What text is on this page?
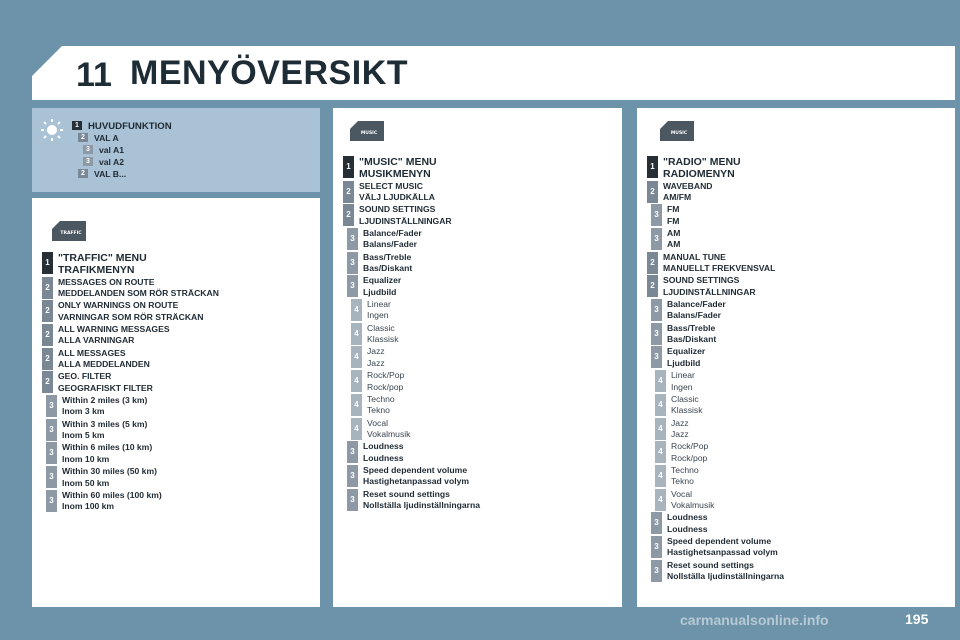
11 MENYÖVERSIKT
1 HUVUDFUNKTION
2	VAL A
3	val A1
3	val A2
2	VAL B...
TRAFFIC
MUSIC	MUSIC
1 "TRAFFIC" MENU
TRAFIKMENYN
2
MESSAGES ON ROUTE
MEDDELANDEN SOM RÖR STRÄCKAN
2
ONLY WARNINGS ON ROUTE
VARNINGAR SOM RÖR STRÄCKAN
2
ALL WARNING MESSAGES
ALLA VARNINGAR
2
ALL MESSAGES
ALLA MEDDELANDEN
2
GEO. FILTER
GEOGRAFISKT FILTER
3
Within 2 miles (3 km)
Inom 3 km
3
Within 3 miles (5 km)
Inom 5 km
3
Within 6 miles (10 km)
Inom 10 km
3
Within 30 miles (50 km)
Inom 50 km
3
Within 60 miles (100 km)
Inom 100 km
1 "MUSIC" MENU
MUSIKMENYN
2
SELECT MUSIC
VÄLJ LJUDKÄLLA
2
SOUND SETTINGS
LJUDINSTÄLLNINGAR
3
Balance/Fader
Balans/Fader
3
Bass/Treble
Bas/Diskant
3
Equalizer
Ljudbild
4
Linear
Ingen
4
Classic
Klassisk
4
Jazz
Jazz
4
Rock/Pop
Rock/pop
4
Techno
Tekno
4
Vocal
Vokalmusik
3
Loudness
Loudness
3
Speed dependent volume
Hastighetanpassad volym
3
Reset sound settings
Nollställa ljudinställningarna
1 "RADIO" MENU
RADIOMENYN
2
WAVEBAND
AM/FM
3
FM
FM
3
AM
AM
2
MANUAL TUNE
MANUELLT FREKVENSVAL
2
SOUND SETTINGS
LJUDINSTÄLLNINGAR
3
Balance/Fader
Balans/Fader
3
Bass/Treble
Bas/Diskant
3
Equalizer
Ljudbild
4
Linear
Ingen
4
Classic
Klassisk
4
Jazz
Jazz
4
Rock/Pop
Rock/pop
4
Techno
Tekno
4
Vocal
Vokalmusik
3
Loudness
Loudness
3
Speed dependent volume
Hastighetsanpassad volym
3
Reset sound settings
Nollställa ljudinställningarna
carmanualsonline.info	195
